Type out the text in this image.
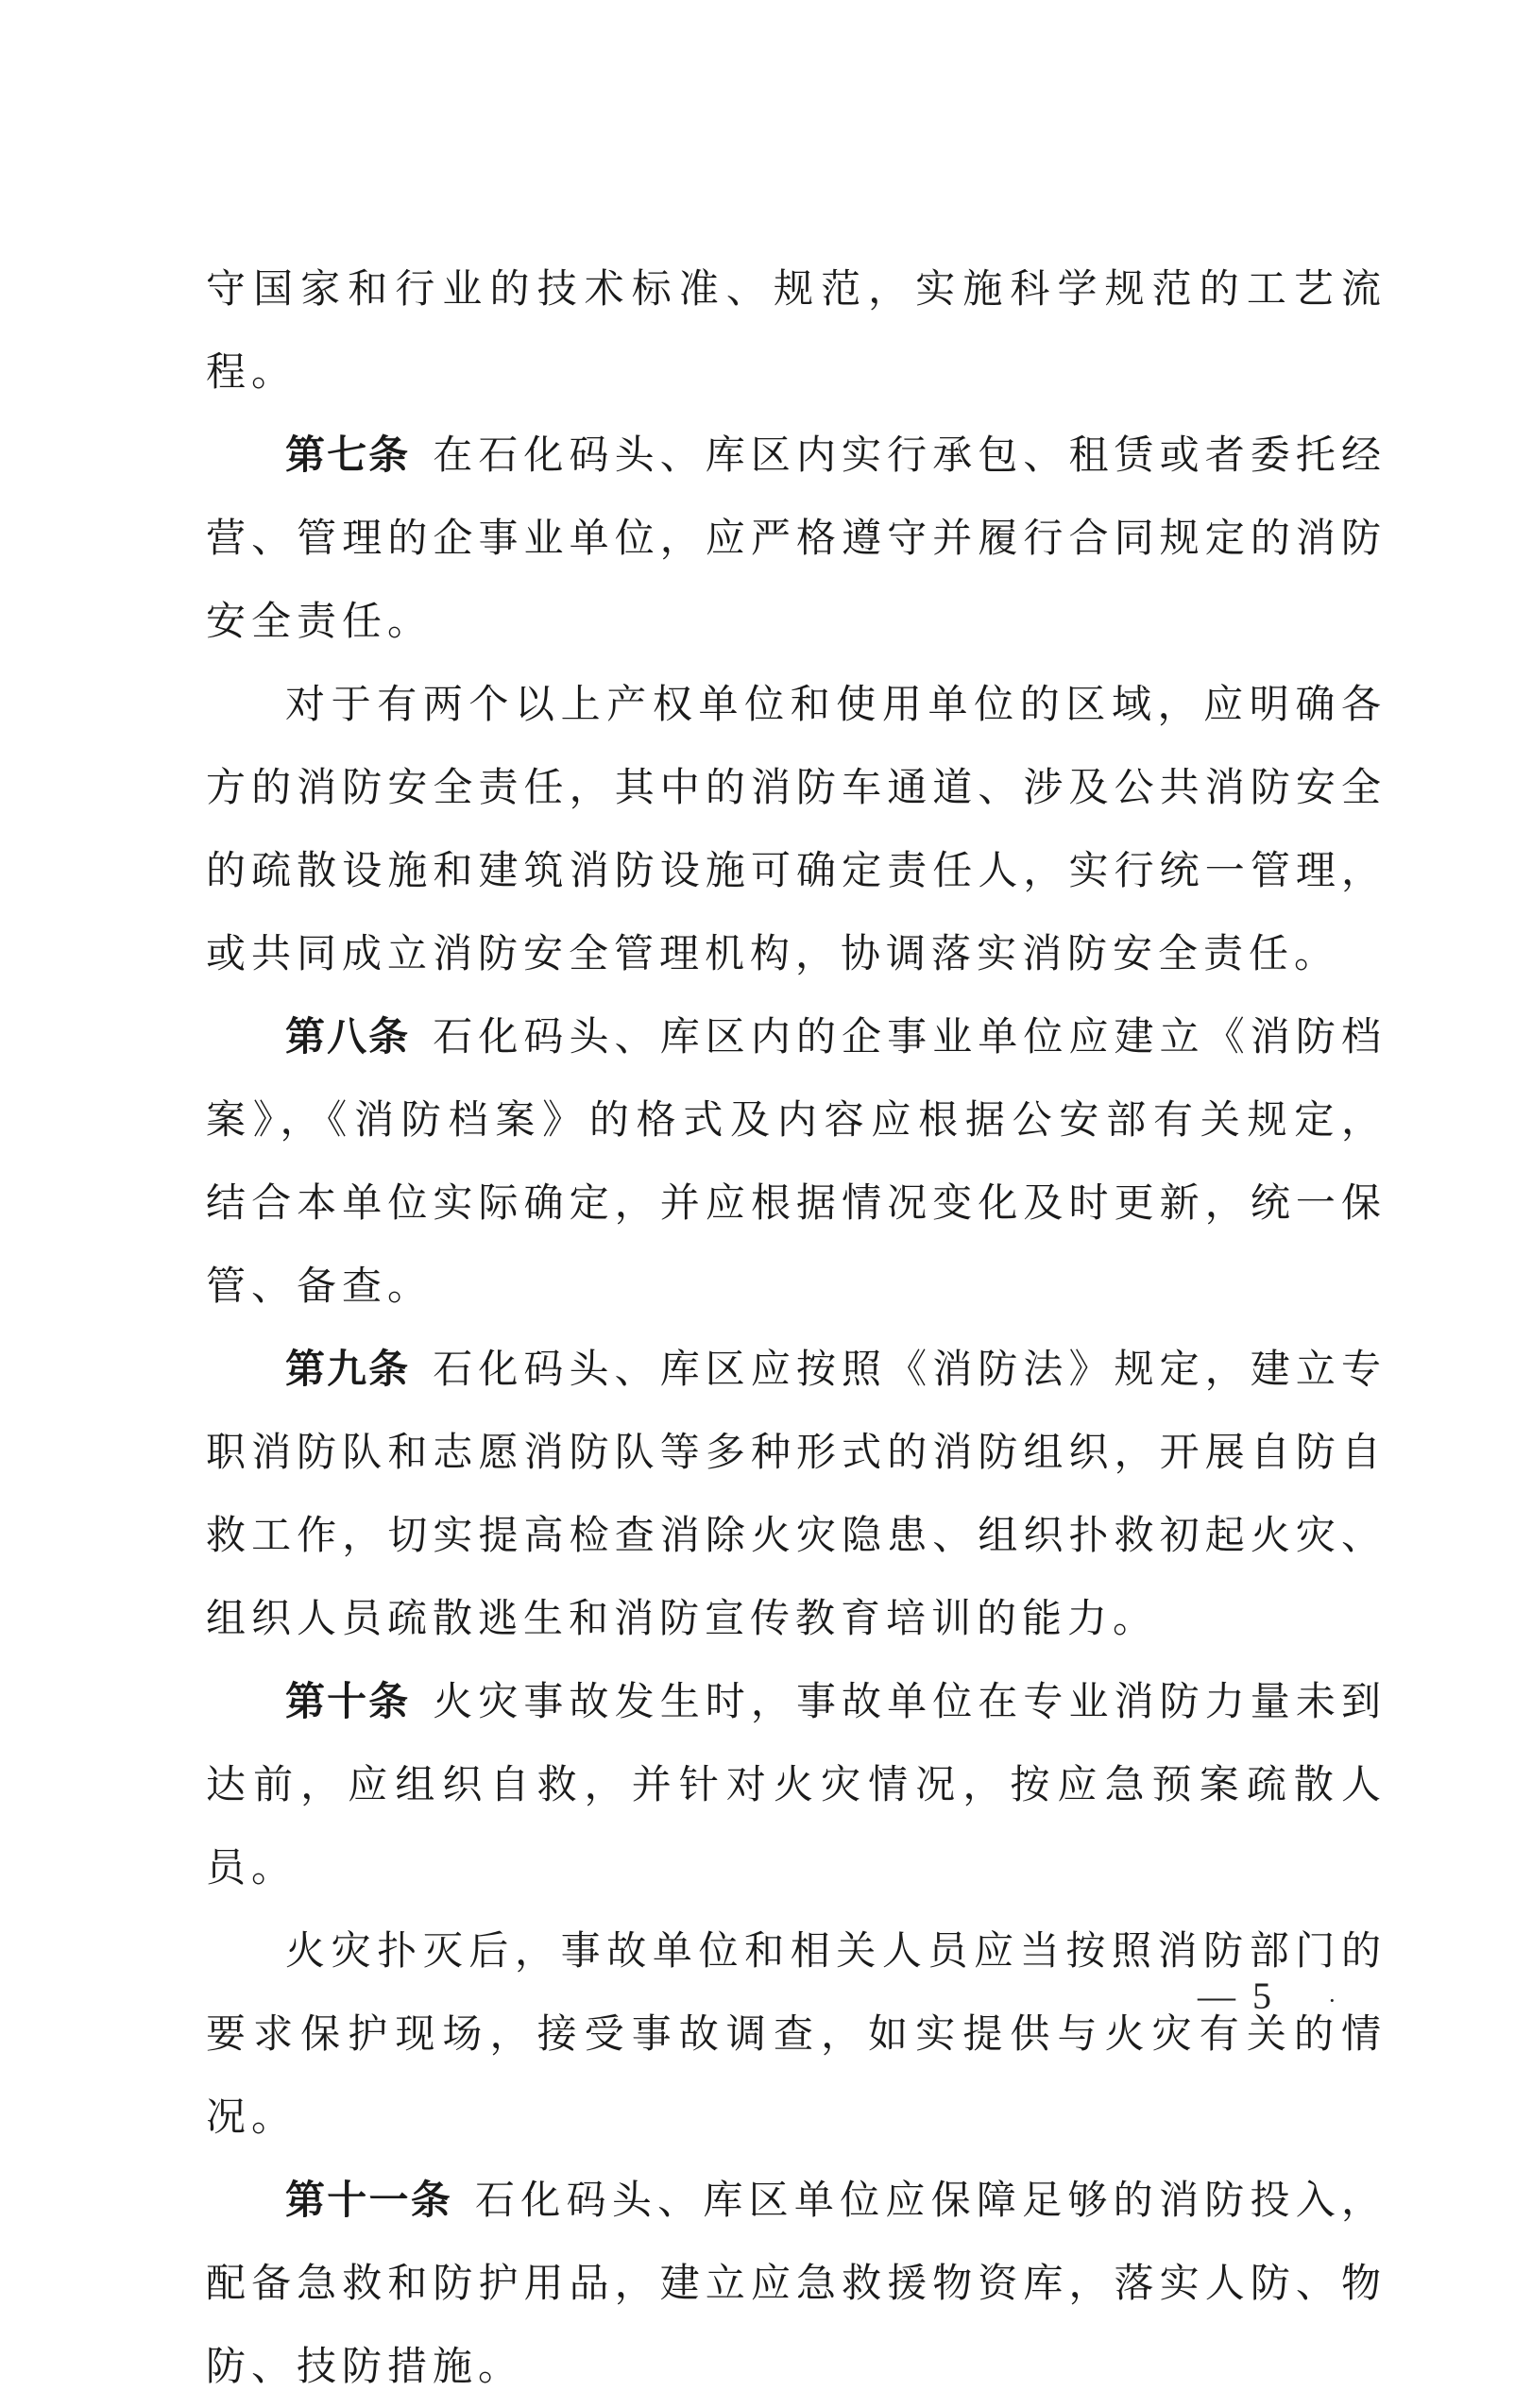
守国家和行业的技术标准、规范，实施科学规范的工艺流程。

第七条 在石化码头、库区内实行承包、租赁或者委托经营、管理的企事业单位，应严格遵守并履行合同规定的消防安全责任。

对于有两个以上产权单位和使用单位的区域，应明确各方的消防安全责任，其中的消防车通道、涉及公共消防安全的疏散设施和建筑消防设施可确定责任人，实行统一管理，或共同成立消防安全管理机构，协调落实消防安全责任。

第八条 石化码头、库区内的企事业单位应建立《消防档案》，《消防档案》的格式及内容应根据公安部有关规定，结合本单位实际确定，并应根据情况变化及时更新，统一保管、备查。

第九条 石化码头、库区应按照《消防法》规定，建立专职消防队和志愿消防队等多种形式的消防组织，开展自防自救工作，切实提高检查消除火灾隐患、组织扑救初起火灾、组织人员疏散逃生和消防宣传教育培训的能力。

第十条 火灾事故发生时，事故单位在专业消防力量未到达前，应组织自救，并针对火灾情况，按应急预案疏散人员。

火灾扑灭后，事故单位和相关人员应当按照消防部门的要求保护现场，接受事故调查，如实提供与火灾有关的情况。

第十一条 石化码头、库区单位应保障足够的消防投入，配备急救和防护用品，建立应急救援物资库，落实人防、物防、技防措施。

— 5 ·
